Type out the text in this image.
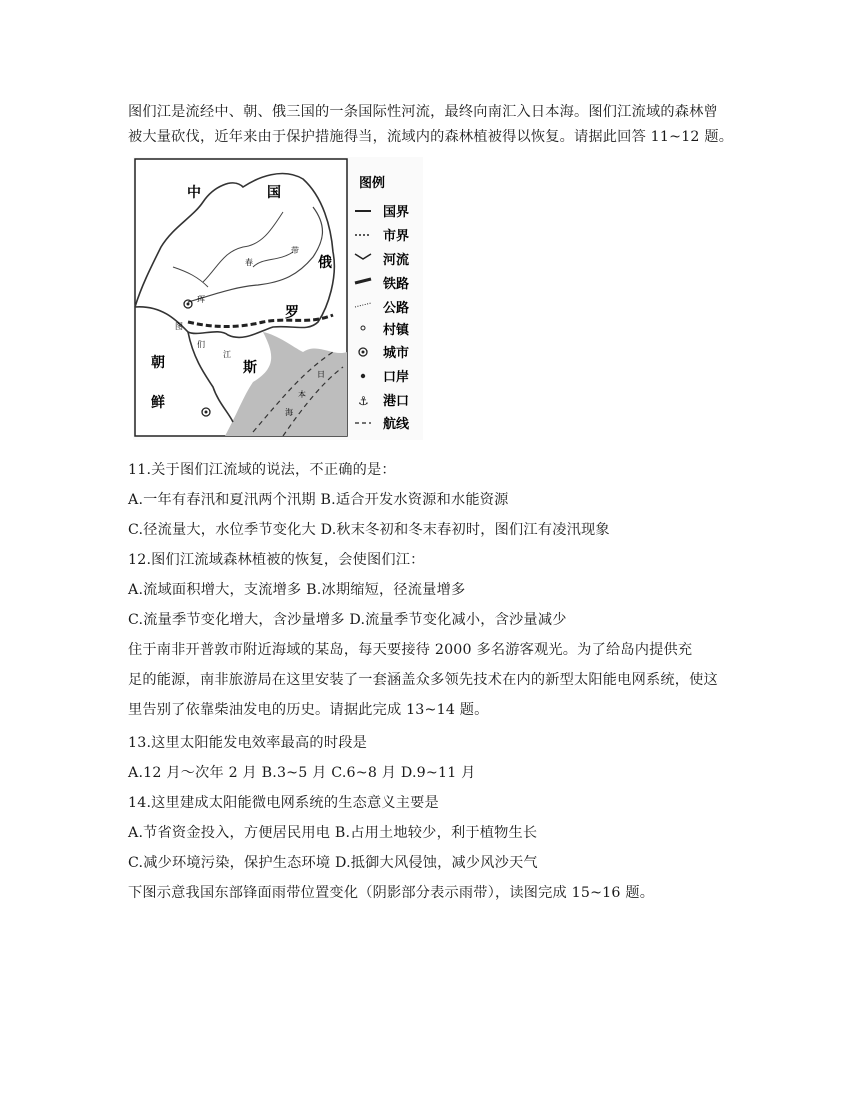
图们江是流经中、朝、俄三国的一条国际性河流，最终向南汇入日本海。图们江流域的森林曾
被大量砍伐，近年来由于保护措施得当，流域内的森林植被得以恢复。请据此回答 11~12 题。
中	国
俄
罗
斯
朝
鲜
珲
春
图
们
江
带
日
本
海
图例
⚓
国界
市界
河流
铁路
公路
村镇
城市
口岸
港口
航线
11.关于图们江流域的说法，不正确的是：
A.一年有春汛和夏汛两个汛期 B.适合开发水资源和水能资源
C.径流量大，水位季节变化大 D.秋末冬初和冬末春初时，图们江有凌汛现象
12.图们江流域森林植被的恢复，会使图们江：
A.流域面积增大，支流增多 B.冰期缩短，径流量增多
C.流量季节变化增大，含沙量增多 D.流量季节变化减小，含沙量减少
住于南非开普敦市附近海域的某岛，每天要接待 2000 多名游客观光。为了给岛内提供充
足的能源，南非旅游局在这里安装了一套涵盖众多领先技术在内的新型太阳能电网系统，使这
里告别了依靠柴油发电的历史。请据此完成 13~14 题。
13.这里太阳能发电效率最高的时段是
A.12 月～次年 2 月 B.3~5 月 C.6~8 月 D.9~11 月
14.这里建成太阳能微电网系统的生态意义主要是
A.节省资金投入，方便居民用电 B.占用土地较少，利于植物生长
C.减少环境污染，保护生态环境 D.抵御大风侵蚀，减少风沙天气
下图示意我国东部锋面雨带位置变化（阴影部分表示雨带），读图完成 15~16 题。
